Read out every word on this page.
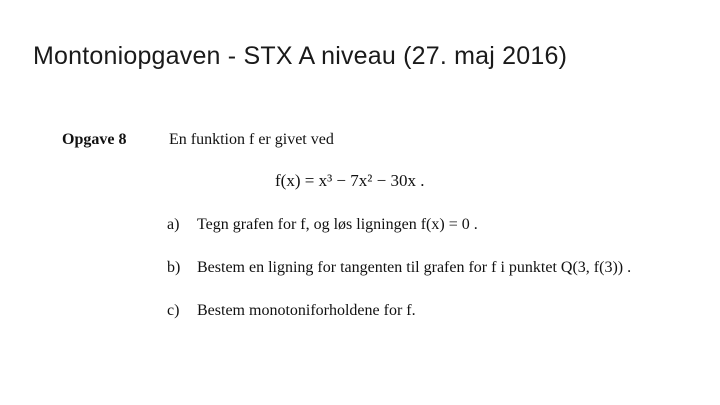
Montoniopgaven - STX A niveau (27. maj 2016)
Opgave 8	En funktion f er givet ved
f(x) = x³ − 7x² − 30x .
a) Tegn grafen for f, og løs ligningen f(x) = 0 .
b) Bestem en ligning for tangenten til grafen for f i punktet Q(3, f(3)) .
c) Bestem monotoniforholdene for f.
